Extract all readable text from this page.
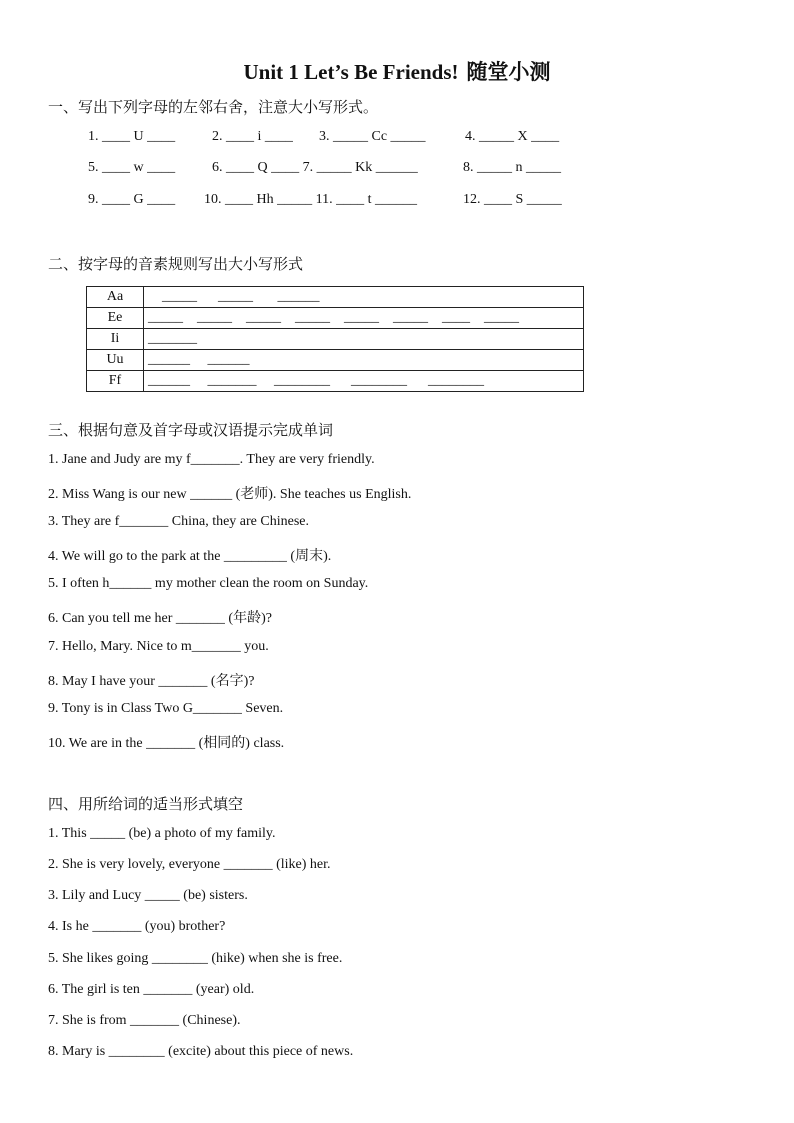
Unit 1 Let’s Be Friends! 随堂小测
一、写出下列字母的左邻右舍，注意大小写形式。
1. ____ U ____	2. ____ i ____ 3. _____ Cc _____	4. _____ X ____
5. ____ w ____	6. ____ Q ____ 7. _____ Kk ______	8. _____ n _____
9. ____ G ____ 10. ____ Hh _____ 11. ____ t ______	12. ____ S _____
二、按字母的音素规则写出大小写形式
Aa	_____      _____       ______
Ee	_____    _____    _____    _____    _____    _____    ____    _____
Ii	_______
Uu	______     ______
Ff	______     _______     ________      ________      ________
三、根据句意及首字母或汉语提示完成单词
1. Jane and Judy are my f_______. They are very friendly.
2. Miss Wang is our new ______ (老师). She teaches us English.
3. They are f_______ China, they are Chinese.
4. We will go to the park at the _________ (周末).
5. I often h______ my mother clean the room on Sunday.
6. Can you tell me her _______ (年龄)?
7. Hello, Mary. Nice to m_______ you.
8. May I have your _______ (名字)?
9. Tony is in Class Two G_______ Seven.
10. We are in the _______ (相同的) class.
四、用所给词的适当形式填空
1. This _____ (be) a photo of my family.
2. She is very lovely, everyone _______ (like) her.
3. Lily and Lucy _____ (be) sisters.
4. Is he _______ (you) brother?
5. She likes going ________ (hike) when she is free.
6. The girl is ten _______ (year) old.
7. She is from _______ (Chinese).
8. Mary is ________ (excite) about this piece of news.
